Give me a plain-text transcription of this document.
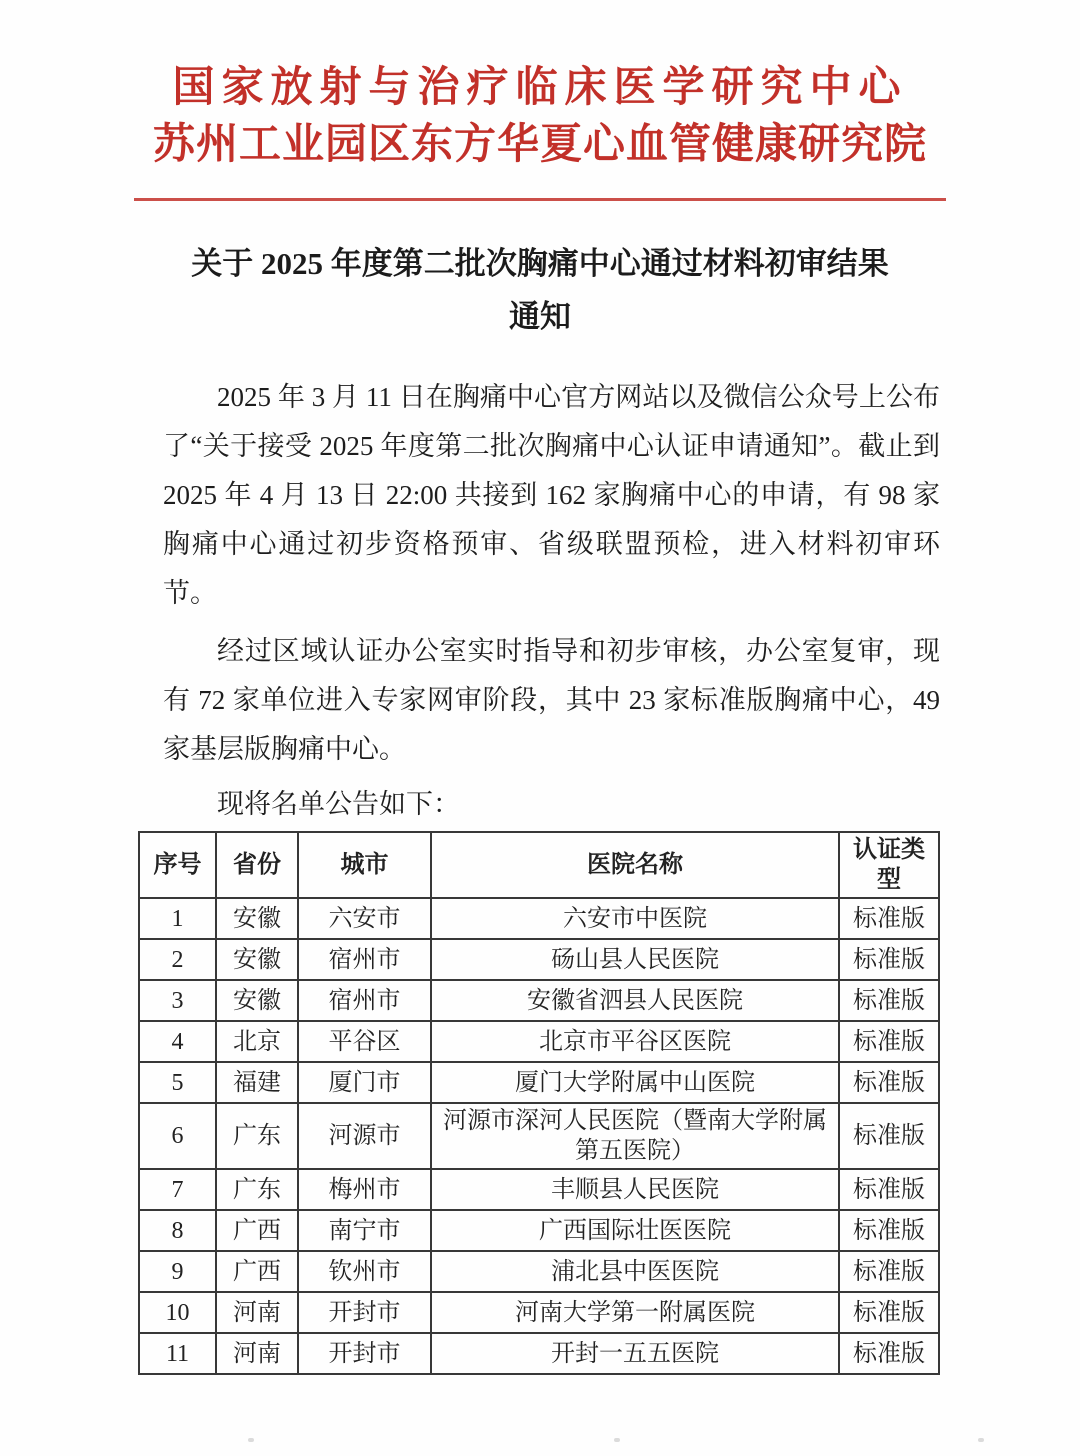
国家放射与治疗临床医学研究中心
苏州工业园区东方华夏心血管健康研究院
关于 2025 年度第二批次胸痛中心通过材料初审结果
通知

2025 年 3 月 11 日在胸痛中心官方网站以及微信公众号上公布了“关于接受 2025 年度第二批次胸痛中心认证申请通知”。截止到 2025 年 4 月 13 日 22:00 共接到 162 家胸痛中心的申请，有 98 家胸痛中心通过初步资格预审、省级联盟预检，进入材料初审环节。

经过区域认证办公室实时指导和初步审核，办公室复审，现有 72 家单位进入专家网审阶段，其中 23 家标准版胸痛中心，49 家基层版胸痛中心。

现将名单公告如下：
序号	省份	城市	医院名称	认证类型
1	安徽	六安市	六安市中医院	标准版
2	安徽	宿州市	砀山县人民医院	标准版
3	安徽	宿州市	安徽省泗县人民医院	标准版
4	北京	平谷区	北京市平谷区医院	标准版
5	福建	厦门市	厦门大学附属中山医院	标准版
6	广东	河源市	河源市深河人民医院（暨南大学附属第五医院）	标准版
7	广东	梅州市	丰顺县人民医院	标准版
8	广西	南宁市	广西国际壮医医院	标准版
9	广西	钦州市	浦北县中医医院	标准版
10	河南	开封市	河南大学第一附属医院	标准版
11	河南	开封市	开封一五五医院	标准版
